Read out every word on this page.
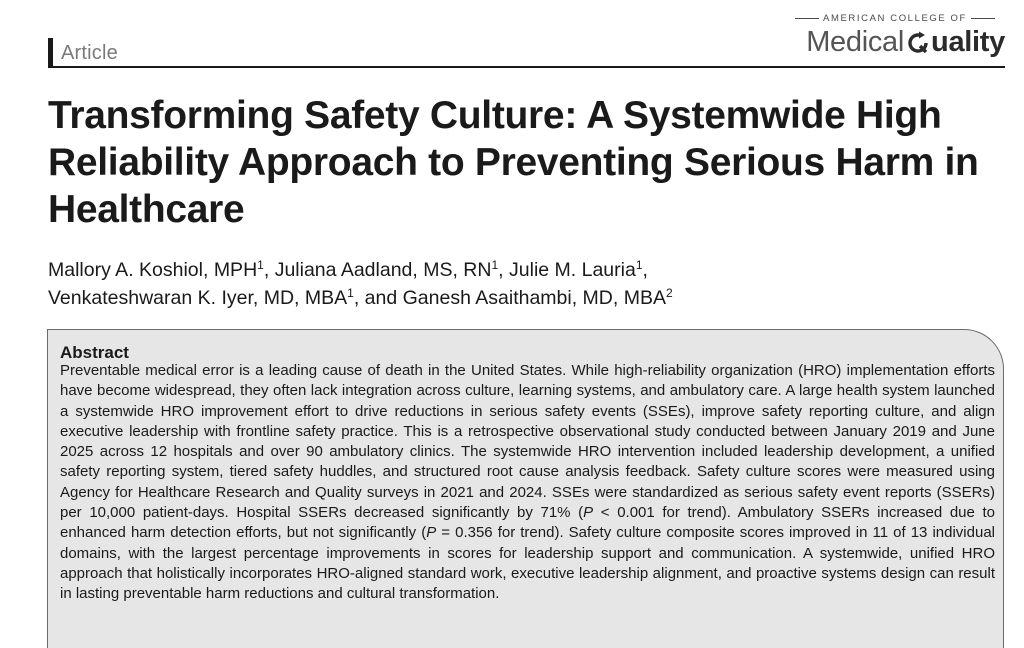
Article
AMERICAN COLLEGE OF
Medical uality
Transforming Safety Culture: A Systemwide High Reliability Approach to Preventing Serious Harm in Healthcare
Mallory A. Koshiol, MPH$^1$, Juliana Aadland, MS, $RN^1$, Julie M. Lauria$^1$,
Venkateshwaran K. Iyer, MD, MBA$^1$, and Ganesh Asaithambi, MD, MBA$^2$
Abstract

Preventable medical error is a leading cause of death in the United States. While high-reliability organization (HRO) implementation efforts have become widespread, they often lack integration across culture, learning systems, and ambulatory care. A large health system launched a systemwide HRO improvement effort to drive reductions in serious safety events (SSEs), improve safety reporting culture, and align executive leadership with frontline safety practice. This is a retrospective observational study conducted between January 2019 and June 2025 across 12 hospitals and over 90 ambulatory clinics. The systemwide HRO intervention included leadership development, a unified safety reporting system, tiered safety huddles, and structured root cause analysis feedback. Safety culture scores were measured using Agency for Healthcare Research and Quality surveys in 2021 and 2024. SSEs were standardized as serious safety event reports (SSERs) per 10,000 patient-days. Hospital SSERs decreased significantly by 71% (P < 0.001 for trend). Ambulatory SSERs increased due to enhanced harm detection efforts, but not significantly (P = 0.356 for trend). Safety culture composite scores improved in 11 of 13 individual domains, with the largest percentage improvements in scores for leadership support and communication. A systemwide, unified HRO approach that holistically incorporates HRO-aligned standard work, executive leadership alignment, and proactive systems design can result in lasting preventable harm reductions and cultural transformation.
